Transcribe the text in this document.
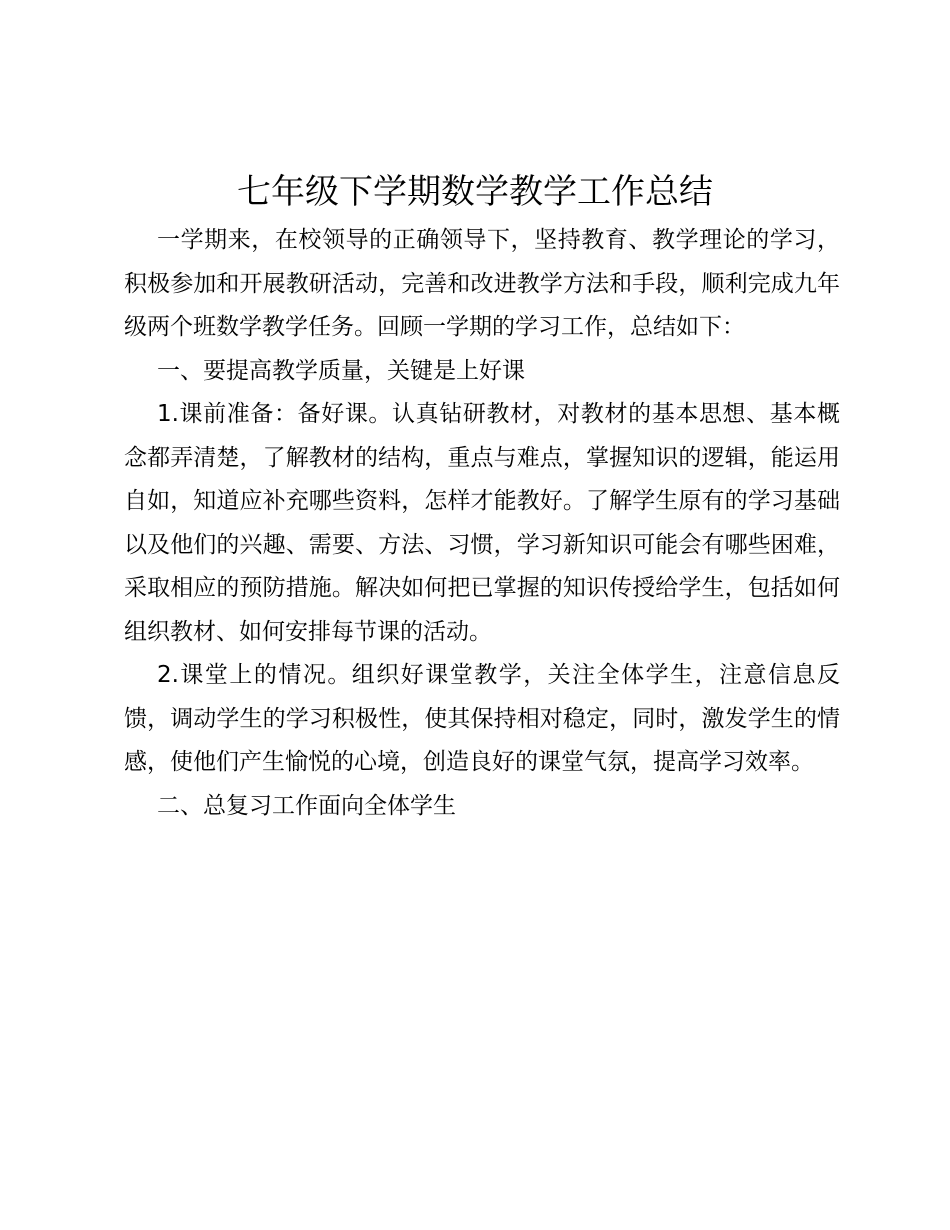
七年级下学期数学教学工作总结

一学期来，在校领导的正确领导下，坚持教育、教学理论的学习，积极参加和开展教研活动，完善和改进教学方法和手段，顺利完成九年级两个班数学教学任务。回顾一学期的学习工作，总结如下：

一、要提高教学质量，关键是上好课

1.课前准备：备好课。认真钻研教材，对教材的基本思想、基本概念都弄清楚，了解教材的结构，重点与难点，掌握知识的逻辑，能运用自如，知道应补充哪些资料，怎样才能教好。了解学生原有的学习基础以及他们的兴趣、需要、方法、习惯，学习新知识可能会有哪些困难，采取相应的预防措施。解决如何把已掌握的知识传授给学生，包括如何组织教材、如何安排每节课的活动。

2.课堂上的情况。组织好课堂教学，关注全体学生，注意信息反馈，调动学生的学习积极性，使其保持相对稳定，同时，激发学生的情感，使他们产生愉悦的心境，创造良好的课堂气氛，提高学习效率。

二、总复习工作面向全体学生
